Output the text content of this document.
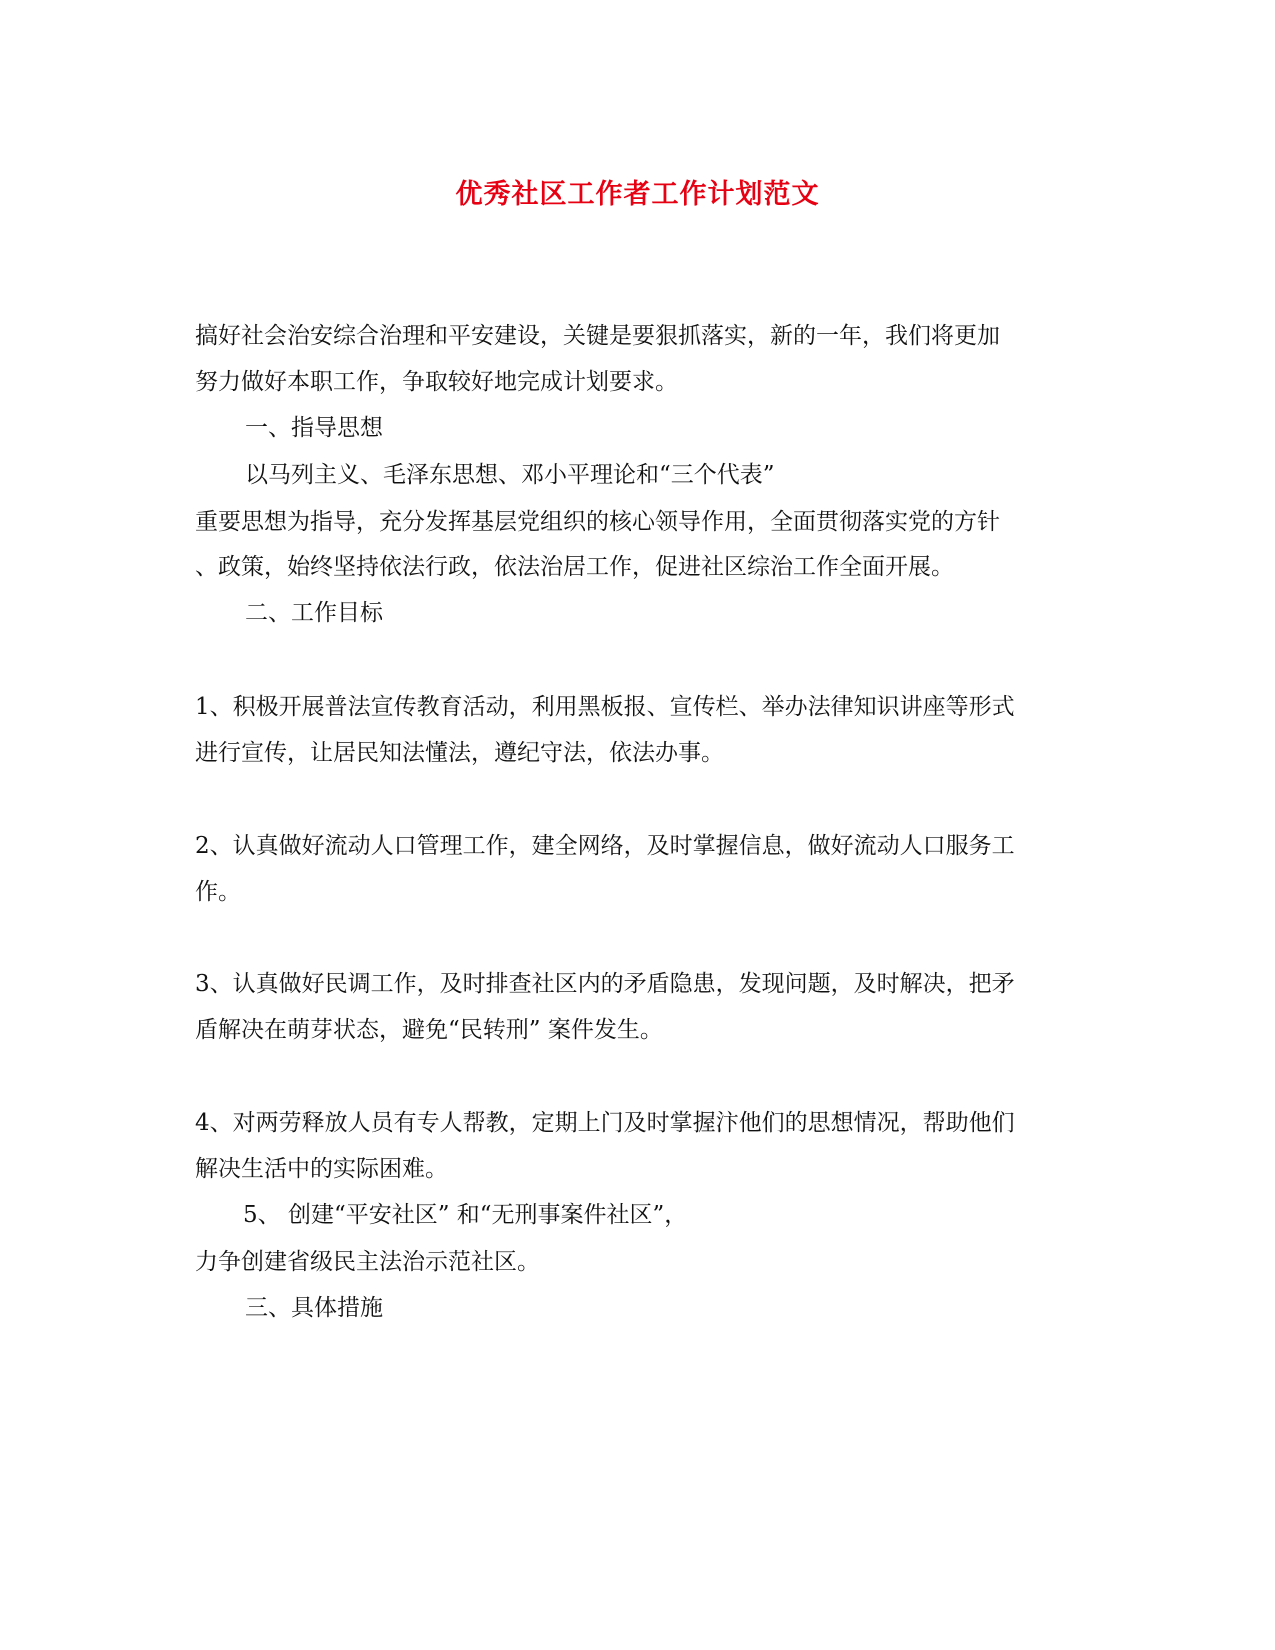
优秀社区工作者工作计划范文
搞好社会治安综合治理和平安建设，关键是要狠抓落实，新的一年，我们将更加
努力做好本职工作，争取较好地完成计划要求。
一、指导思想
以马列主义、毛泽东思想、邓小平理论和“三个代表”
重要思想为指导，充分发挥基层党组织的核心领导作用，全面贯彻落实党的方针
、政策，始终坚持依法行政，依法治居工作，促进社区综治工作全面开展。
二、工作目标
1、积极开展普法宣传教育活动，利用黑板报、宣传栏、举办法律知识讲座等形式
进行宣传，让居民知法懂法，遵纪守法，依法办事。
2、认真做好流动人口管理工作，建全网络，及时掌握信息，做好流动人口服务工
作。
3、认真做好民调工作，及时排查社区内的矛盾隐患，发现问题，及时解决，把矛
盾解决在萌芽状态，避免“民转刑” 案件发生。
4、对两劳释放人员有专人帮教，定期上门及时掌握汴他们的思想情况，帮助他们
解决生活中的实际困难。
5、 创建“平安社区” 和“无刑事案件社区”，
力争创建省级民主法治示范社区。
三、具体措施
